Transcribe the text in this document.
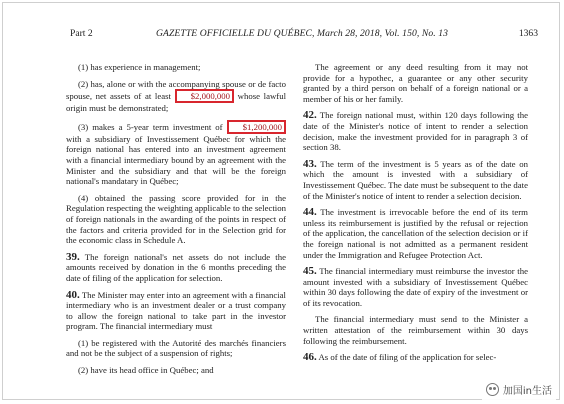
Part 2	GAZETTE OFFICIELLE DU QUÉBEC, March 28, 2018, Vol. 150, No. 13	1363

(1) has experience in management;

(2) has, alone or with the accompanying spouse or de facto spouse, net assets of at least $2,000,000 whose lawful origin must be demonstrated;

(3) makes a 5-year term investment of $1,200,000 with a subsidiary of Investissement Québec for which the foreign national has entered into an investment agreement with a financial intermediary bound by an agreement with the Minister and the subsidiary and that will be the foreign national's mandatary in Québec;

(4) obtained the passing score provided for in the Regulation respecting the weighting applicable to the selection of foreign nationals in the awarding of the points in respect of the factors and criteria provided for in the Selection grid for the economic class in Schedule A.

39. The foreign national's net assets do not include the amounts received by donation in the 6 months preceding the date of filing of the application for selection.

40. The Minister may enter into an agreement with a financial intermediary who is an investment dealer or a trust company to allow the foreign national to take part in the investor program. The financial intermediary must

(1) be registered with the Autorité des marchés financiers and not be the subject of a suspension of rights;

(2) have its head office in Québec; and

The agreement or any deed resulting from it may not provide for a hypothec, a guarantee or any other security granted by a third person on behalf of a foreign national or a member of his or her family.

42. The foreign national must, within 120 days following the date of the Minister's notice of intent to render a selection decision, make the investment provided for in paragraph 3 of section 38.

43. The term of the investment is 5 years as of the date on which the amount is invested with a subsidiary of Investissement Québec. The date must be subsequent to the date of the Minister's notice of intent to render a selection decision.

44. The investment is irrevocable before the end of its term unless its reimbursement is justified by the refusal or rejection of the application, the cancellation of the selection decision or if the foreign national is not admitted as a permanent resident under the Immigration and Refugee Protection Act.

45. The financial intermediary must reimburse the investor the amount invested with a subsidiary of Investissement Québec within 30 days following the date of expiry of the investment or of its revocation.

The financial intermediary must send to the Minister a written attestation of the reimbursement within 30 days following the reimbursement.

46. As of the date of filing of the application for selec-

加国in生活
